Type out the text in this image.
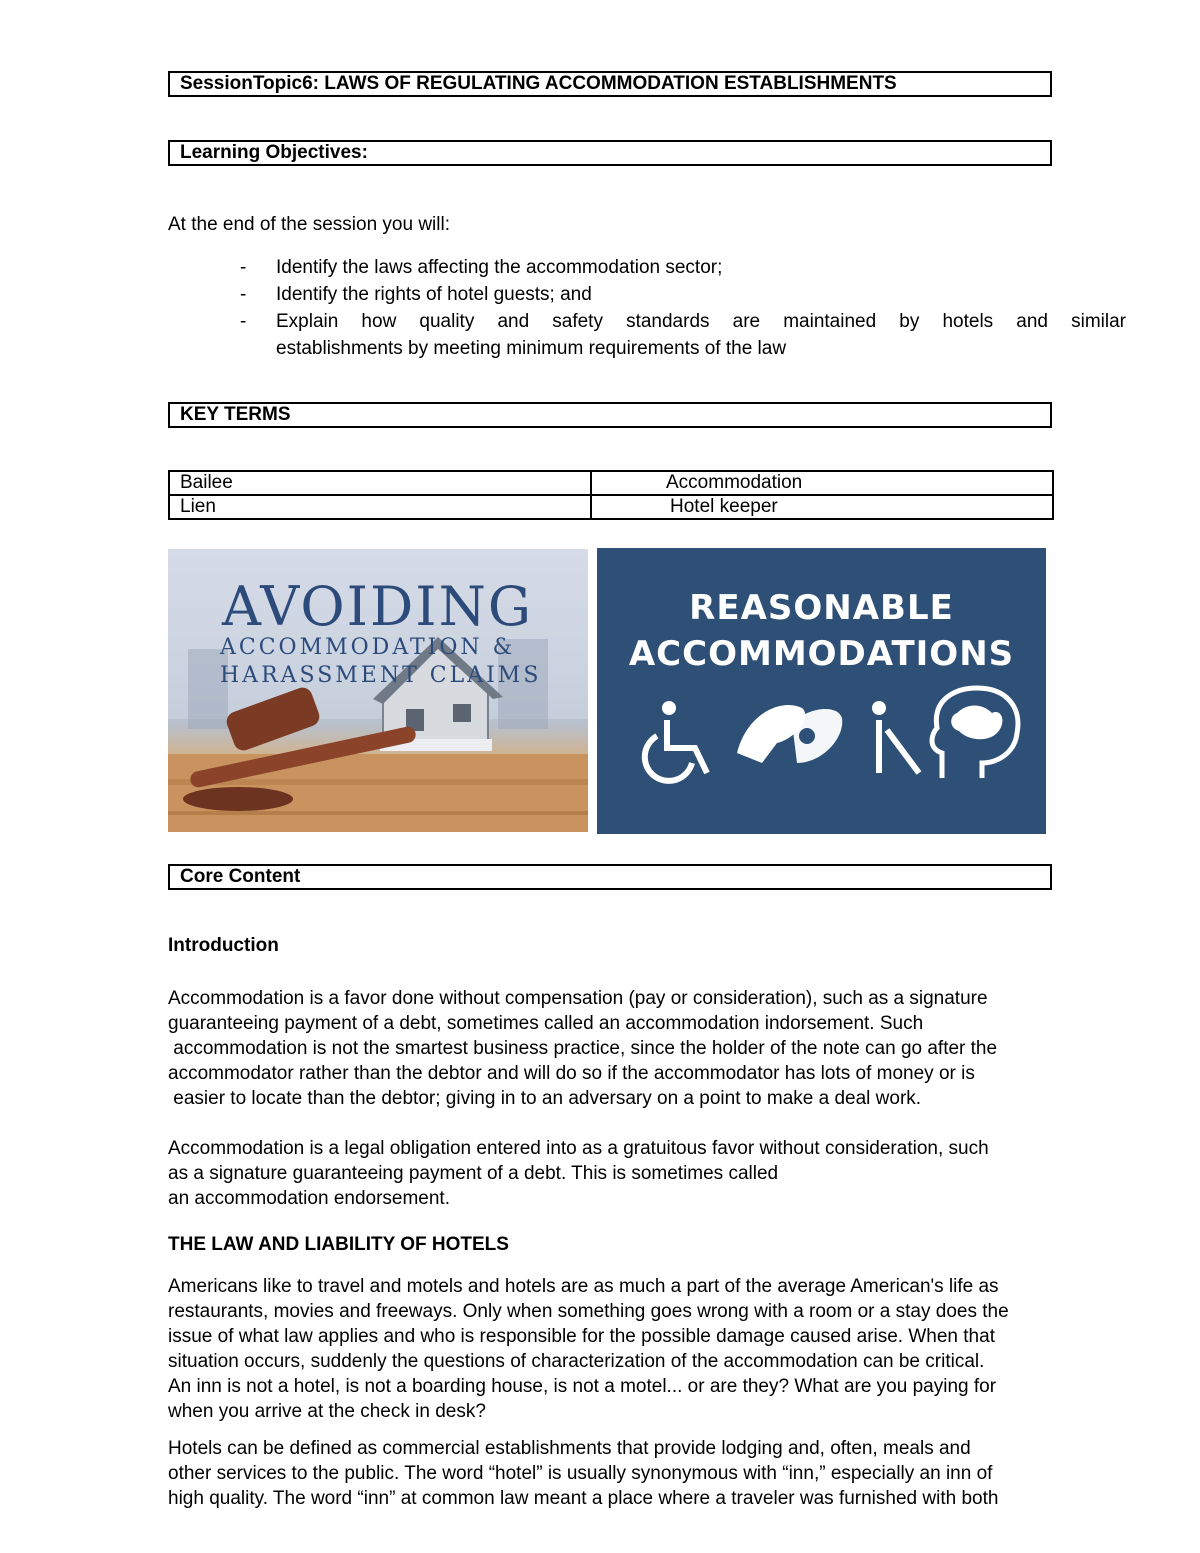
SessionTopic6: LAWS OF REGULATING ACCOMMODATION ESTABLISHMENTS
Learning Objectives:
At the end of the session you will:
- Identify the laws affecting the accommodation sector;
- Identify the rights of hotel guests; and
- Explain how quality and safety standards are maintained by hotels and similar
establishments by meeting minimum requirements of the law
KEY TERMS
Bailee	Accommodation
Lien	Hotel keeper
AVOIDING
ACCOMMODATION &
HARASSMENT CLAIMS
REASONABLE
ACCOMMODATIONS
Core Content
Introduction
Accommodation is a favor done without compensation (pay or consideration), such as a signature
guaranteeing payment of a debt, sometimes called an accommodation indorsement. Such
accommodation is not the smartest business practice, since the holder of the note can go after the
accommodator rather than the debtor and will do so if the accommodator has lots of money or is
easier to locate than the debtor; giving in to an adversary on a point to make a deal work.
Accommodation is a legal obligation entered into as a gratuitous favor without consideration, such
as a signature guaranteeing payment of a debt. This is sometimes called
an accommodation endorsement.
THE LAW AND LIABILITY OF HOTELS
Americans like to travel and motels and hotels are as much a part of the average American's life as
restaurants, movies and freeways. Only when something goes wrong with a room or a stay does the
issue of what law applies and who is responsible for the possible damage caused arise. When that
situation occurs, suddenly the questions of characterization of the accommodation can be critical.
An inn is not a hotel, is not a boarding house, is not a motel... or are they? What are you paying for
when you arrive at the check in desk?
Hotels can be defined as commercial establishments that provide lodging and, often, meals and
other services to the public. The word “hotel” is usually synonymous with “inn,” especially an inn of
high quality. The word “inn” at common law meant a place where a traveler was furnished with both
